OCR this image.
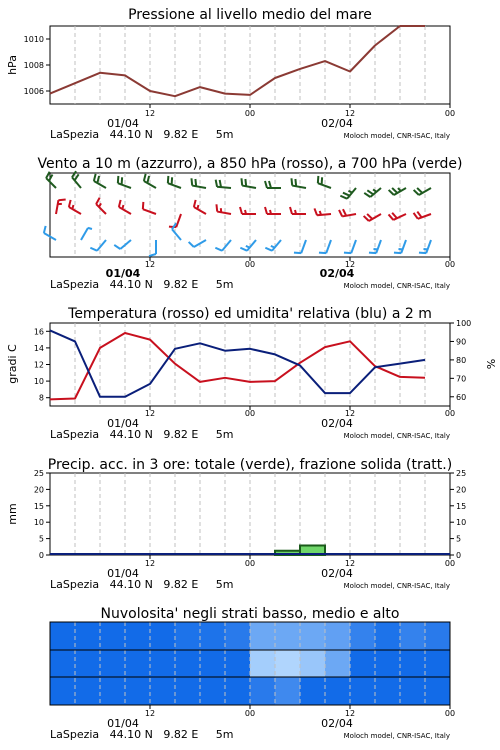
Pressione al livello medio del mare
1006
1008
1010
hPa
12	00	12	00
01/04	02/04
LaSpezia   44.10 N   9.82 E     5m	Moloch model, CNR-ISAC, Italy
Vento a 10 m (azzurro), a 850 hPa (rosso), a 700 hPa (verde)
12	00	12	00
01/04	02/04
LaSpezia   44.10 N   9.82 E     5m	Moloch model, CNR-ISAC, Italy
Temperatura (rosso) ed umidita' relativa (blu) a 2 m
8
10
12
14
16
60
70
80
90
100
gradi C	%
12	00	12	00
01/04	02/04
LaSpezia   44.10 N   9.82 E     5m	Moloch model, CNR-ISAC, Italy
Precip. acc. in 3 ore: totale (verde), frazione solida (tratt.)
0
5
10
15
20
25
0
5
10
15
20
25
mm
12	00	12	00
01/04	02/04
LaSpezia   44.10 N   9.82 E     5m	Moloch model, CNR-ISAC, Italy
Nuvolosita' negli strati basso, medio e alto
12	00	12	00
01/04	02/04
LaSpezia   44.10 N   9.82 E     5m	Moloch model, CNR-ISAC, Italy
